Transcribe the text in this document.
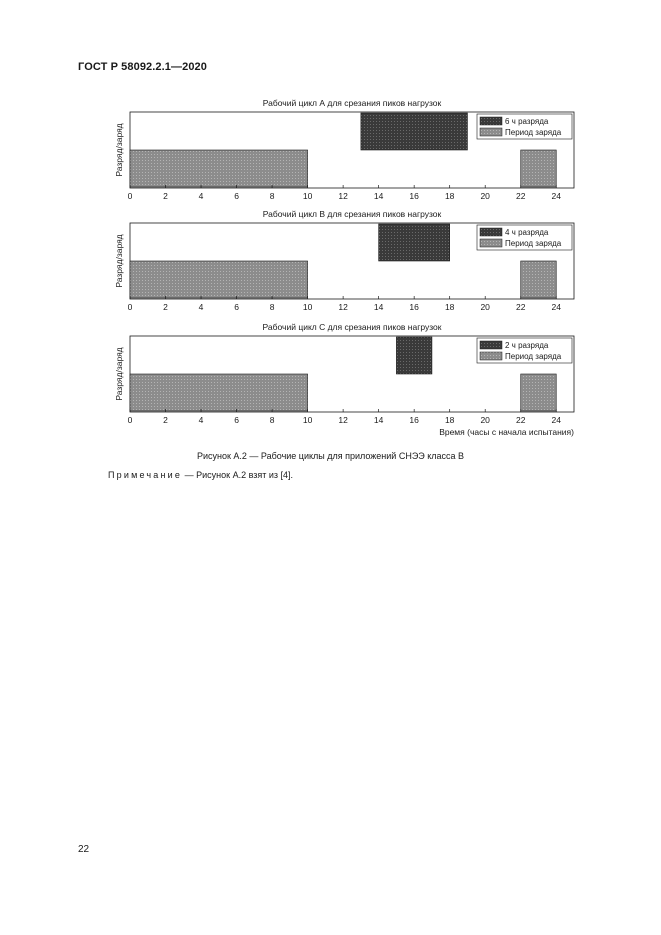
ГОСТ Р 58092.2.1—2020
Рабочий цикл А для срезания пиков нагрузок
Разряд/заряд
0	2	4	6	8	10	12	14	16	18	20	22	24
6 ч разряда
Период заряда
Рабочий цикл В для срезания пиков нагрузок
Разряд/заряд
0	2	4	6	8	10	12	14	16	18	20	22	24
4 ч разряда
Период заряда
Рабочий цикл С для срезания пиков нагрузок
Разряд/заряд
0	2	4	6	8	10	12	14	16	18	20	22	24
Время (часы с начала испытания)
2 ч разряда
Период заряда
Рисунок А.2 — Рабочие циклы для приложений СНЭЭ класса В
Примечание — Рисунок А.2 взят из [4].
22
